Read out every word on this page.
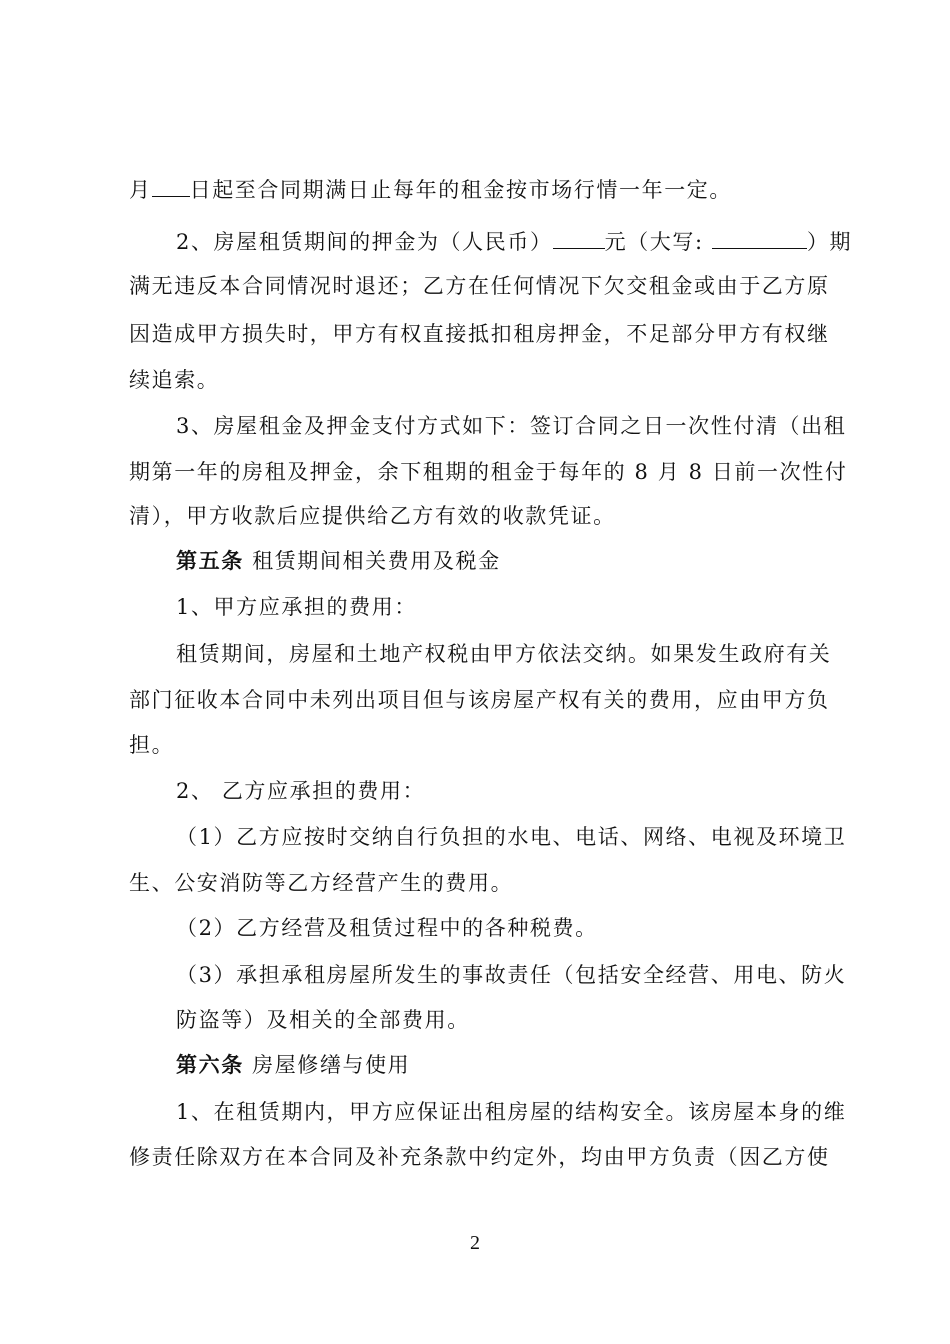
月 日起至合同期满日止每年的租金按市场行情一年一定。
2、房屋租赁期间的押金为（人民币） 元（大写:	）期
满无违反本合同情况时退还；乙方在任何情况下欠交租金或由于乙方原
因造成甲方损失时，甲方有权直接抵扣租房押金，不足部分甲方有权继
续追索。
3、房屋租金及押金支付方式如下：签订合同之日一次性付清（出租
期第一年的房租及押金，余下租期的租金于每年的 8 月 8 日前一次性付
清），甲方收款后应提供给乙方有效的收款凭证。
第五条 租赁期间相关费用及税金
1、甲方应承担的费用：
租赁期间，房屋和土地产权税由甲方依法交纳。如果发生政府有关
部门征收本合同中未列出项目但与该房屋产权有关的费用，应由甲方负
担。
2、 乙方应承担的费用：
（1）乙方应按时交纳自行负担的水电、电话、网络、电视及环境卫
生、公安消防等乙方经营产生的费用。
（2）乙方经营及租赁过程中的各种税费。
（3）承担承租房屋所发生的事故责任（包括安全经营、用电、防火
防盗等）及相关的全部费用。
第六条 房屋修缮与使用
1、在租赁期内，甲方应保证出租房屋的结构安全。该房屋本身的维
修责任除双方在本合同及补充条款中约定外，均由甲方负责（因乙方使
2
